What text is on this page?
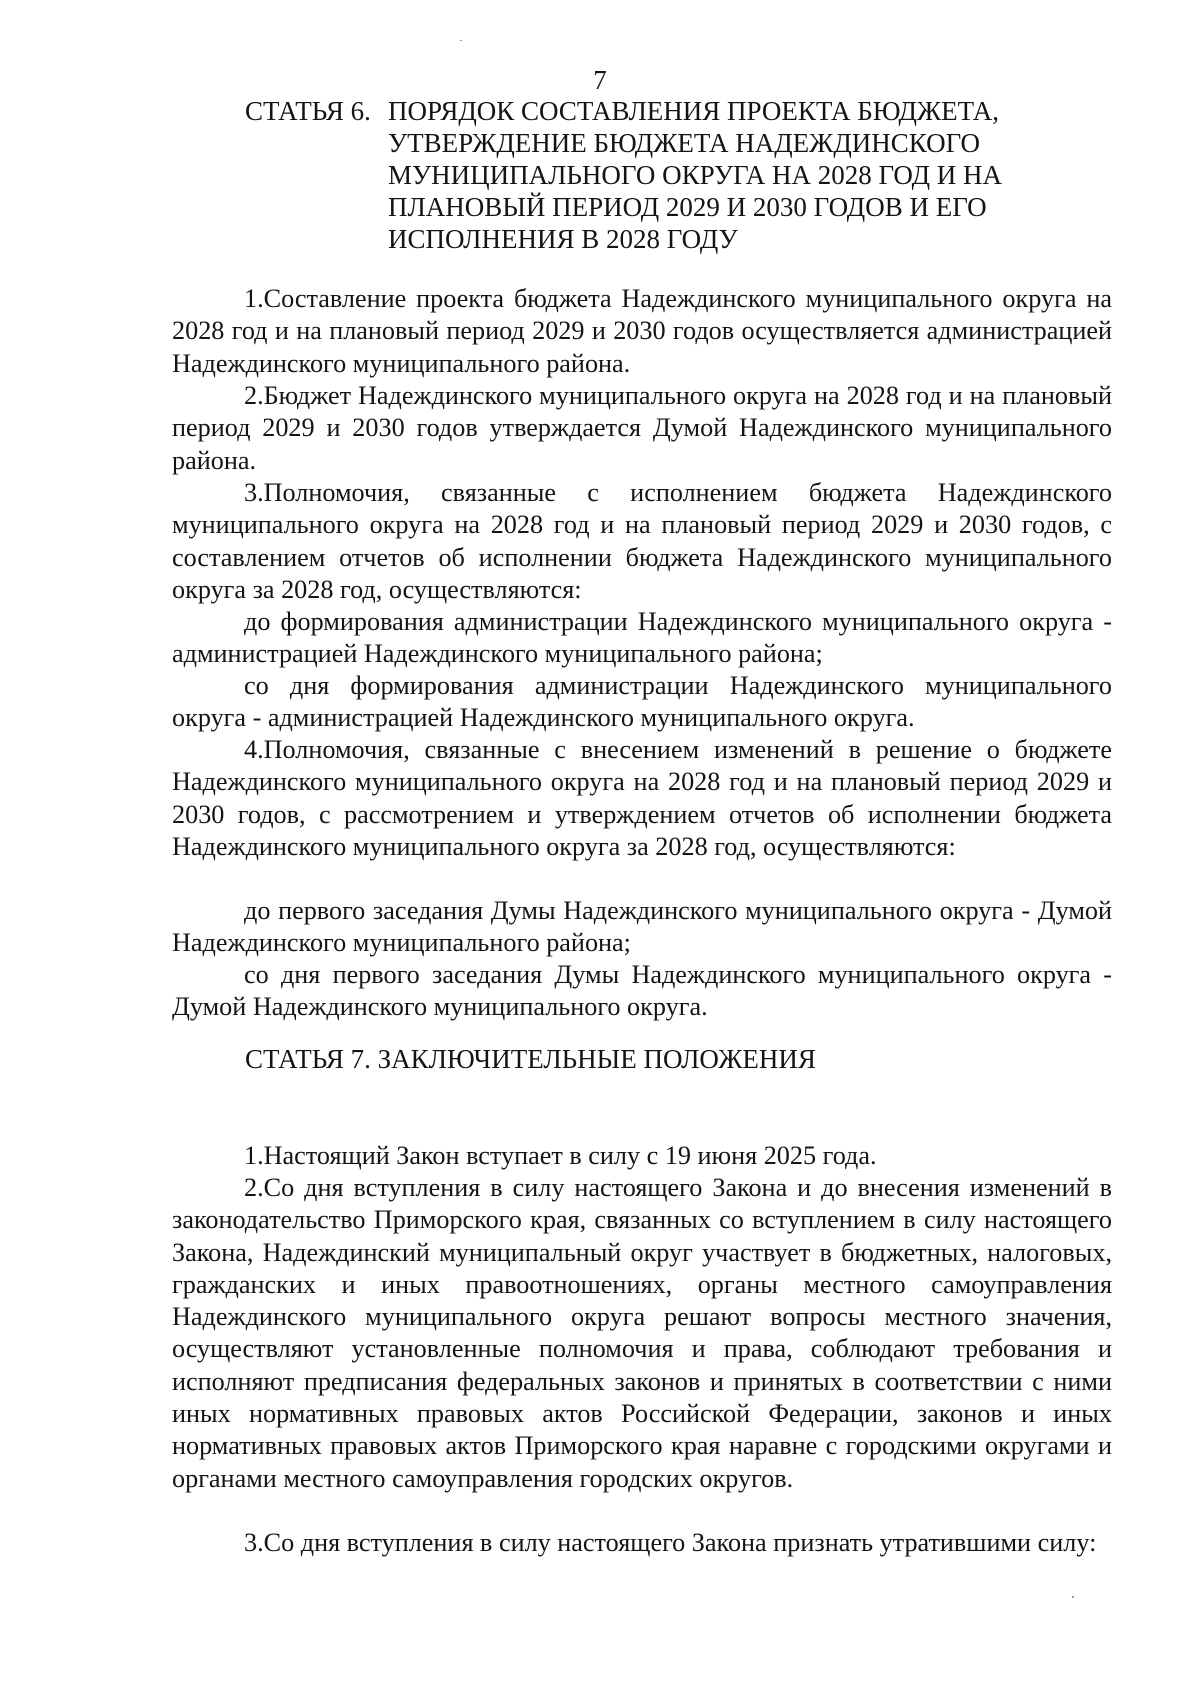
7
СТАТЬЯ 6. ПОРЯДОК СОСТАВЛЕНИЯ ПРОЕКТА БЮДЖЕТА,
УТВЕРЖДЕНИЕ БЮДЖЕТА НАДЕЖДИНСКОГО
МУНИЦИПАЛЬНОГО ОКРУГА НА 2028 ГОД И НА
ПЛАНОВЫЙ ПЕРИОД 2029 И 2030 ГОДОВ И ЕГО
ИСПОЛНЕНИЯ В 2028 ГОДУ

1.Составление проекта бюджета Надеждинского муниципального округа на 2028 год и на плановый период 2029 и 2030 годов осуществляется администрацией Надеждинского муниципального района.

2.Бюджет Надеждинского муниципального округа на 2028 год и на плановый период 2029 и 2030 годов утверждается Думой Надеждинского муниципального района.

3.Полномочия, связанные с исполнением бюджета Надеждинского муниципального округа на 2028 год и на плановый период 2029 и 2030 годов, с составлением отчетов об исполнении бюджета Надеждинского муниципального округа за 2028 год, осуществляются:

до формирования администрации Надеждинского муниципального округа - администрацией Надеждинского муниципального района;

со дня формирования администрации Надеждинского муниципального округа - администрацией Надеждинского муниципального округа.

4.Полномочия, связанные с внесением изменений в решение о бюджете Надеждинского муниципального округа на 2028 год и на плановый период 2029 и 2030 годов, с рассмотрением и утверждением отчетов об исполнении бюджета Надеждинского муниципального округа за 2028 год, осуществляются:

до первого заседания Думы Надеждинского муниципального округа - Думой Надеждинского муниципального района;

со дня первого заседания Думы Надеждинского муниципального округа - Думой Надеждинского муниципального округа.

СТАТЬЯ 7. ЗАКЛЮЧИТЕЛЬНЫЕ ПОЛОЖЕНИЯ

1.Настоящий Закон вступает в силу с 19 июня 2025 года.

2.Со дня вступления в силу настоящего Закона и до внесения изменений в законодательство Приморского края, связанных со вступлением в силу настоящего Закона, Надеждинский муниципальный округ участвует в бюджетных, налоговых, гражданских и иных правоотношениях, органы местного самоуправления Надеждинского муниципального округа решают вопросы местного значения, осуществляют установленные полномочия и права, соблюдают требования и исполняют предписания федеральных законов и принятых в соответствии с ними иных нормативных правовых актов Российской Федерации, законов и иных нормативных правовых актов Приморского края наравне с городскими округами и органами местного самоуправления городских округов.

3.Со дня вступления в силу настоящего Закона признать утратившими силу:
